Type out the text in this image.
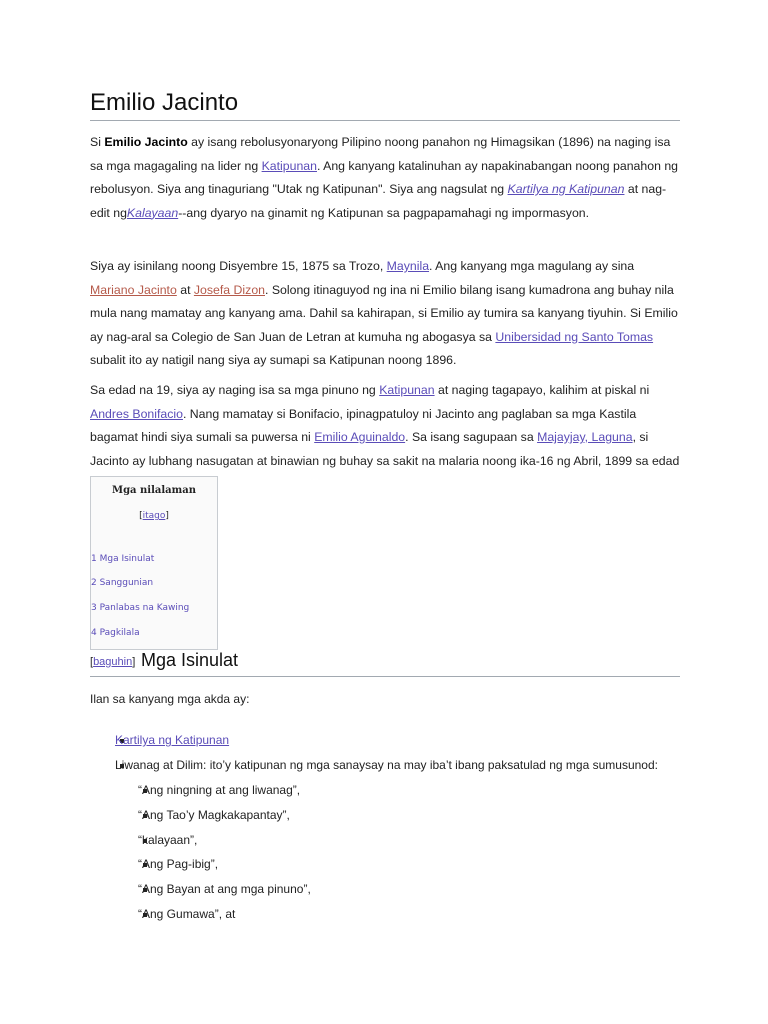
Emilio Jacinto

Si Emilio Jacinto ay isang rebolusyonaryong Pilipino noong panahon ng Himagsikan (1896) na naging isa sa mga magagaling na lider ng Katipunan. Ang kanyang katalinuhan ay napakinabangan noong panahon ng rebolusyon. Siya ang tinaguriang "Utak ng Katipunan". Siya ang nagsulat ng Kartilya ng Katipunan at nag-edit ngKalayaan--ang dyaryo na ginamit ng Katipunan sa pagpapamahagi ng impormasyon.

Siya ay isinilang noong Disyembre 15, 1875 sa Trozo, Maynila. Ang kanyang mga magulang ay sina Mariano Jacinto at Josefa Dizon. Solong itinaguyod ng ina ni Emilio bilang isang kumadrona ang buhay nila mula nang mamatay ang kanyang ama. Dahil sa kahirapan, si Emilio ay tumira sa kanyang tiyuhin. Si Emilio ay nag-aral sa Colegio de San Juan de Letran at kumuha ng abogasya sa Unibersidad ng Santo Tomas subalit ito ay natigil nang siya ay sumapi sa Katipunan noong 1896.

Sa edad na 19, siya ay naging isa sa mga pinuno ng Katipunan at naging tagapayo, kalihim at piskal ni Andres Bonifacio. Nang mamatay si Bonifacio, ipinagpatuloy ni Jacinto ang paglaban sa mga Kastila bagamat hindi siya sumali sa puwersa ni Emilio Aguinaldo. Sa isang sagupaan sa Majayjay, Laguna, si Jacinto ay lubhang nasugatan at binawian ng buhay sa sakit na malaria noong ika-16 ng Abril, 1899 sa edad

Mga nilalaman
[itago]
1 Mga Isinulat
2 Sanggunian
3 Panlabas na Kawing
4 Pagkilala
[baguhin] Mga Isinulat
Ilan sa kanyang mga akda ay:
Kartilya ng Katipunan
Liwanag at Dilim: ito’y katipunan ng mga sanaysay na may iba’t ibang paksatulad ng mga sumusunod:
“Ang ningning at ang liwanag”,
“Ang Tao’y Magkakapantay”,
“kalayaan”,
“Ang Pag-ibig”,
“Ang Bayan at ang mga pinuno”,
“Ang Gumawa”, at
